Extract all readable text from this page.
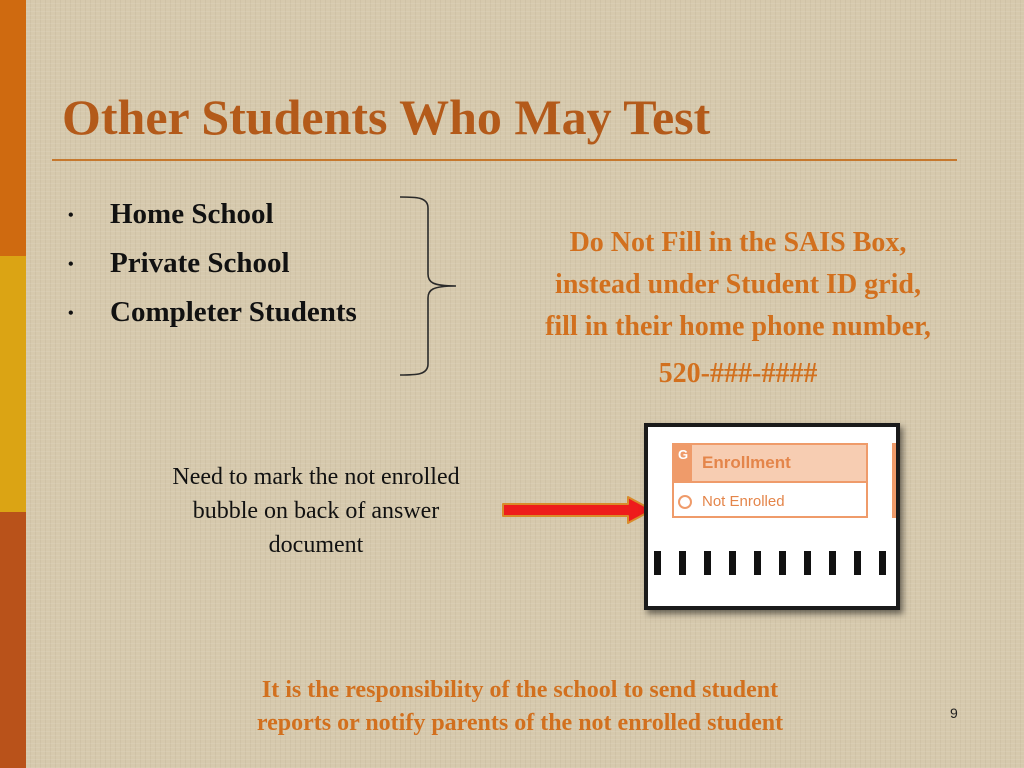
Other Students Who May Test
• Home School
• Private School
• Completer Students
Do Not Fill in the SAIS Box,
instead under Student ID grid,
fill in their home phone number,
520-###-####
Need to mark the not enrolled
bubble on back of answer
document
G Enrollment
Not Enrolled
It is the responsibility of the school to send student
reports or notify parents of the not enrolled student	9
